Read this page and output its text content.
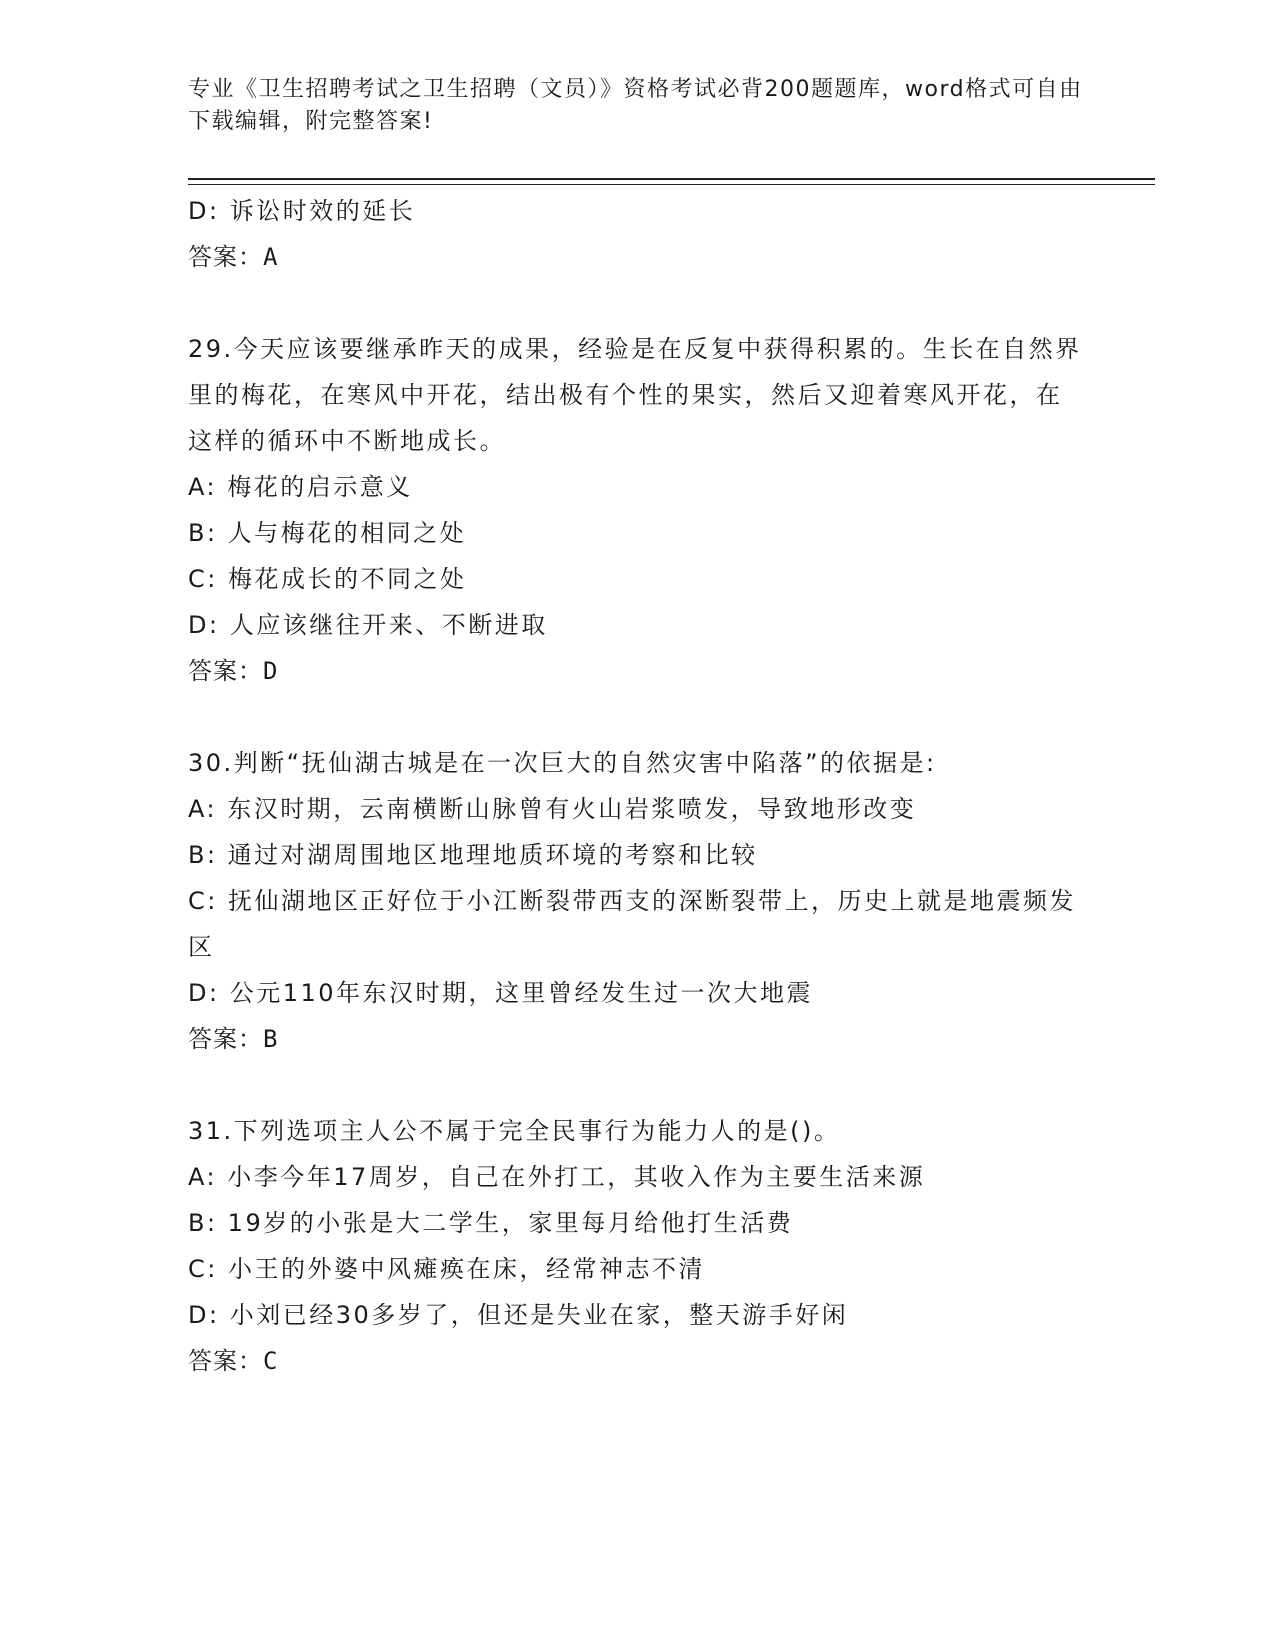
专业《卫生招聘考试之卫生招聘（文员）》资格考试必背200题题库，word格式可自由下载编辑，附完整答案!
D: 诉讼时效的延长
答案：A
29.今天应该要继承昨天的成果，经验是在反复中获得积累的。生长在自然界里的梅花，在寒风中开花，结出极有个性的果实，然后又迎着寒风开花，在这样的循环中不断地成长。
A: 梅花的启示意义
B: 人与梅花的相同之处
C: 梅花成长的不同之处
D: 人应该继往开来、不断进取
答案：D
30.判断“抚仙湖古城是在一次巨大的自然灾害中陷落”的依据是:
A: 东汉时期，云南横断山脉曾有火山岩浆喷发，导致地形改变
B: 通过对湖周围地区地理地质环境的考察和比较
C: 抚仙湖地区正好位于小江断裂带西支的深断裂带上，历史上就是地震频发区
D: 公元110年东汉时期，这里曾经发生过一次大地震
答案：B
31.下列选项主人公不属于完全民事行为能力人的是()。
A: 小李今年17周岁，自己在外打工，其收入作为主要生活来源
B: 19岁的小张是大二学生，家里每月给他打生活费
C: 小王的外婆中风瘫痪在床，经常神志不清
D: 小刘已经30多岁了，但还是失业在家，整天游手好闲
答案：C
